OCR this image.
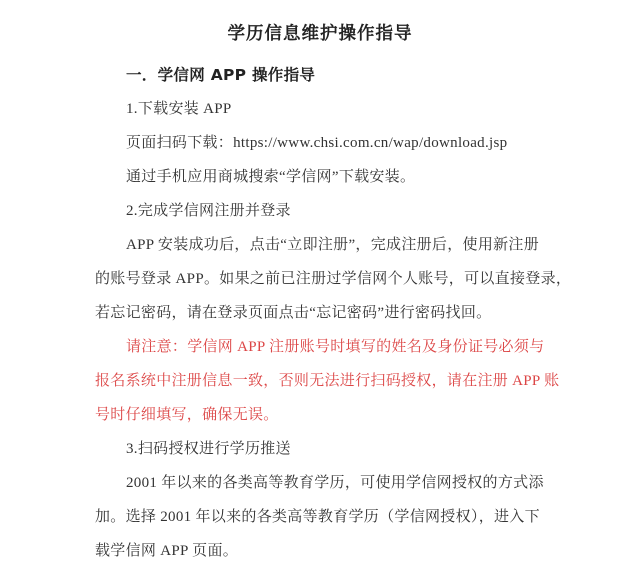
学历信息维护操作指导
一．学信网 APP 操作指导
1.下载安装 APP
页面扫码下载：https://www.chsi.com.cn/wap/download.jsp
通过手机应用商城搜索“学信网”下载安装。
2.完成学信网注册并登录
APP 安装成功后，点击“立即注册”，完成注册后，使用新注册
的账号登录 APP。如果之前已注册过学信网个人账号，可以直接登录，
若忘记密码，请在登录页面点击“忘记密码”进行密码找回。
请注意：学信网 APP 注册账号时填写的姓名及身份证号必须与
报名系统中注册信息一致，否则无法进行扫码授权，请在注册 APP 账
号时仔细填写，确保无误。
3.扫码授权进行学历推送
2001 年以来的各类高等教育学历，可使用学信网授权的方式添
加。选择 2001 年以来的各类高等教育学历（学信网授权），进入下
载学信网 APP 页面。
